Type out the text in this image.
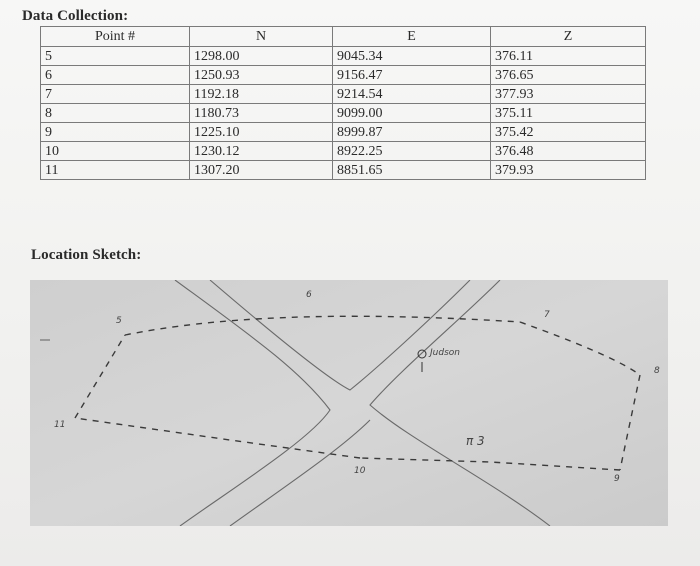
Data Collection:
Point #	N	E	Z
5	1298.00	9045.34	376.11
6	1250.93	9156.47	376.65
7	1192.18	9214.54	377.93
8	1180.73	9099.00	375.11
9	1225.10	8999.87	375.42
10	1230.12	8922.25	376.48
11	1307.20	8851.65	379.93
Location Sketch:
5
6
7
8
9
10
11
Judson
π 3
